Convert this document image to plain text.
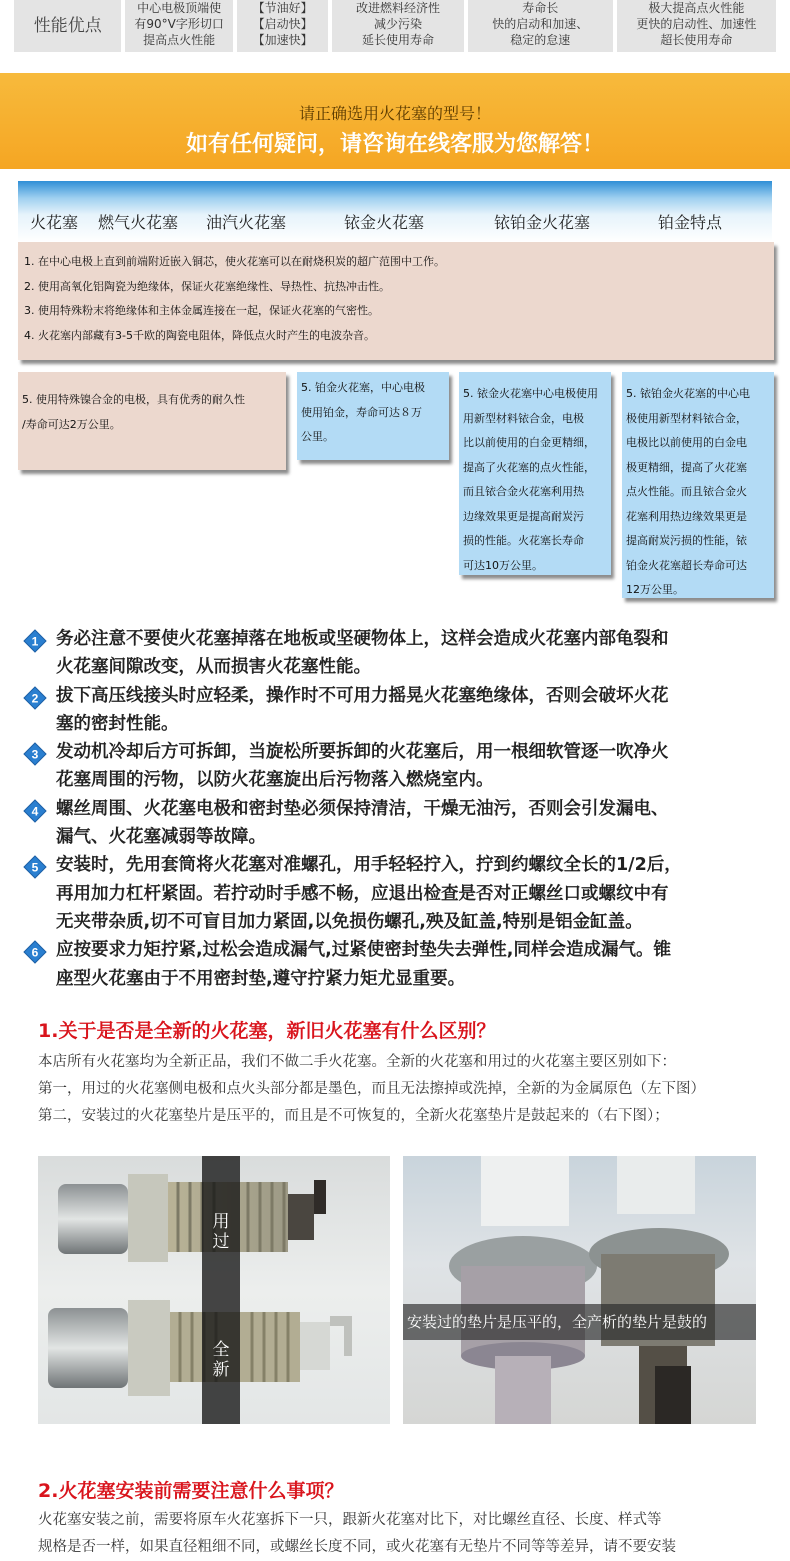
性能优点
中心电极顶端使
有90°V字形切口
提高点火性能
【节油好】
【启动快】
【加速快】
改进燃料经济性
减少污染
延长使用寿命
寿命长
快的启动和加速、
稳定的怠速
极大提高点火性能
更快的启动性、加速性
超长使用寿命
请正确选用火花塞的型号！
如有任何疑问，请咨询在线客服为您解答！
火花塞 燃气火花塞 油汽火花塞	铱金火花塞	铱铂金火花塞	铂金特点

1. 在中心电极上直到前端附近嵌入铜芯，使火花塞可以在耐烧积炭的超广范围中工作。

2. 使用高氧化铝陶瓷为绝缘体，保证火花塞绝缘性、导热性、抗热冲击性。

3. 使用特殊粉末将绝缘体和主体金属连接在一起，保证火花塞的气密性。

4. 火花塞内部藏有3-5千欧的陶瓷电阻体，降低点火时产生的电波杂音。

5. 使用特殊镍合金的电极，具有优秀的耐久性
/寿命可达2万公里。
5. 铂金火花塞，中心电极
使用铂金，寿命可达８万
公里。
5. 铱金火花塞中心电极使用
用新型材料铱合金，电极
比以前使用的白金更精细，
提高了火花塞的点火性能，
而且铱合金火花塞利用热
边缘效果更是提高耐炭污
损的性能。火花塞长寿命
可达10万公里。
5. 铱铂金火花塞的中心电
极使用新型材料铱合金，
电极比以前使用的白金电
极更精细，提高了火花塞
点火性能。而且铱合金火
花塞利用热边缘效果更是
提高耐炭污损的性能，铱
铂金火花塞超长寿命可达
12万公里。
1 务必注意不要使火花塞掉落在地板或坚硬物体上，这样会造成火花塞内部龟裂和
火花塞间隙改变，从而损害火花塞性能。
2 拔下高压线接头时应轻柔，操作时不可用力摇晃火花塞绝缘体，否则会破坏火花
塞的密封性能。
3 发动机冷却后方可拆卸，当旋松所要拆卸的火花塞后，用一根细软管逐一吹净火
花塞周围的污物，以防火花塞旋出后污物落入燃烧室内。
4 螺丝周围、火花塞电极和密封垫必须保持清洁，干燥无油污，否则会引发漏电、
漏气、火花塞减弱等故障。
5 安装时，先用套筒将火花塞对准螺孔，用手轻轻拧入，拧到约螺纹全长的1/2后，
再用加力杠杆紧固。若拧动时手感不畅，应退出检查是否对正螺丝口或螺纹中有
无夹带杂质,切不可盲目加力紧固,以免损伤螺孔,殃及缸盖,特别是铝金缸盖。
6 应按要求力矩拧紧,过松会造成漏气,过紧使密封垫失去弹性,同样会造成漏气。锥
座型火花塞由于不用密封垫,遵守拧紧力矩尤显重要。
1.关于是否是全新的火花塞，新旧火花塞有什么区别？
本店所有火花塞均为全新正品，我们不做二手火花塞。全新的火花塞和用过的火花塞主要区别如下：
第一，用过的火花塞侧电极和点火头部分都是墨色，而且无法擦掉或洗掉，全新的为金属原色（左下图）
第二，安装过的火花塞垫片是压平的，而且是不可恢复的，全新火花塞垫片是鼓起来的（右下图）；
用过
全新
安装过的垫片是压平的，全产析的垫片是鼓的
2.火花塞安装前需要注意什么事项？
火花塞安装之前，需要将原车火花塞拆下一只，跟新火花塞对比下，对比螺丝直径、长度、样式等
规格是否一样，如果直径粗细不同，或螺丝长度不同，或火花塞有无垫片不同等等差异，请不要安装
